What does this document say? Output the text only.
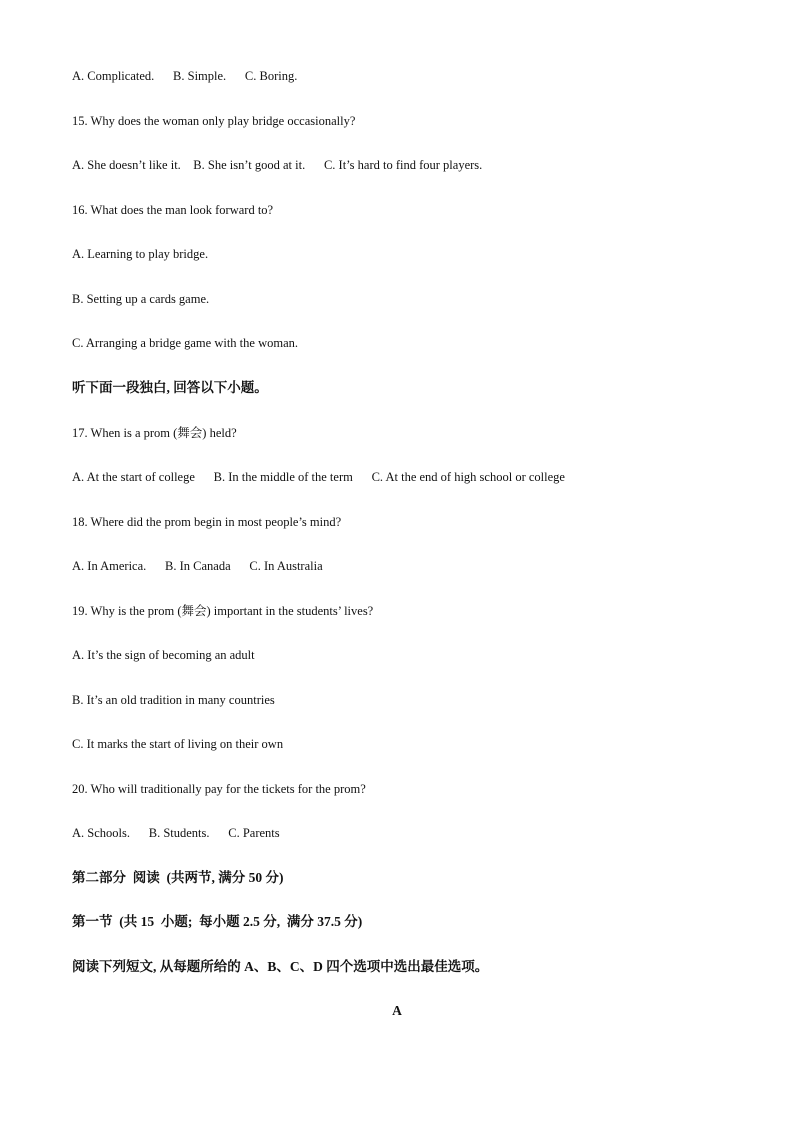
A. Complicated.      B. Simple.      C. Boring.
15. Why does the woman only play bridge occasionally?
A. She doesn’t like it.    B. She isn’t good at it.      C. It’s hard to find four players.
16. What does the man look forward to?
A. Learning to play bridge.
B. Setting up a cards game.
C. Arranging a bridge game with the woman.
听下面一段独白, 回答以下小题。
17. When is a prom (舞会) held?
A. At the start of college      B. In the middle of the term      C. At the end of high school or college
18. Where did the prom begin in most people’s mind?
A. In America.      B. In Canada      C. In Australia
19. Why is the prom (舞会) important in the students’ lives?
A. It’s the sign of becoming an adult
B. It’s an old tradition in many countries
C. It marks the start of living on their own
20. Who will traditionally pay for the tickets for the prom?
A. Schools.      B. Students.      C. Parents
第二部分  阅读  (共两节, 满分 50 分)
第一节  (共 15  小题;  每小题 2.5 分,  满分 37.5 分)
阅读下列短文, 从每题所给的 A、B、C、D 四个选项中选出最佳选项。
A
